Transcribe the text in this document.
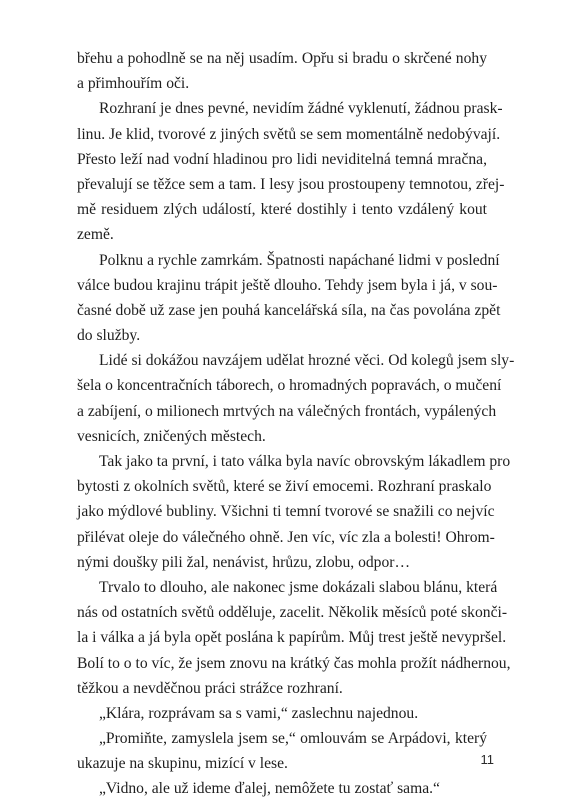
břehu a pohodlně se na něj usadím. Opřu si bradu o skrčené nohy
a přimhouřím oči.
Rozhraní je dnes pevné, nevidím žádné vyklenutí, žádnou prask-
linu. Je klid, tvorové z jiných světů se sem momentálně nedobývají.
Přesto leží nad vodní hladinou pro lidi neviditelná temná mračna,
převalují se těžce sem a tam. I lesy jsou prostoupeny temnotou, zřej-
mě residuem zlých událostí, které dostihly i tento vzdálený kout
země.
Polknu a rychle zamrkám. Špatnosti napáchané lidmi v poslední
válce budou krajinu trápit ještě dlouho. Tehdy jsem byla i já, v sou-
časné době už zase jen pouhá kancelářská síla, na čas povolána zpět
do služby.
Lidé si dokážou navzájem udělat hrozné věci. Od kolegů jsem sly-
šela o koncentračních táborech, o hromadných popravách, o mučení
a zabíjení, o milionech mrtvých na válečných frontách, vypálených
vesnicích, zničených městech.
Tak jako ta první, i tato válka byla navíc obrovským lákadlem pro
bytosti z okolních světů, které se živí emocemi. Rozhraní praskalo
jako mýdlové bubliny. Všichni ti temní tvorové se snažili co nejvíc
přilévat oleje do válečného ohně. Jen víc, víc zla a bolesti! Ohrom-
nými doušky pili žal, nenávist, hrůzu, zlobu, odpor…
Trvalo to dlouho, ale nakonec jsme dokázali slabou blánu, která
nás od ostatních světů odděluje, zacelit. Několik měsíců poté skonči-
la i válka a já byla opět poslána k papírům. Můj trest ještě nevypršel.
Bolí to o to víc, že jsem znovu na krátký čas mohla prožít nádhernou,
těžkou a nevděčnou práci strážce rozhraní.
„Klára, rozprávam sa s vami,“ zaslechnu najednou.
„Promiňte, zamyslela jsem se,“ omlouvám se Arpádovi, který
ukazuje na skupinu, mizící v lese.
„Vidno, ale už ideme ďalej, nemôžete tu zostať sama.“
11
